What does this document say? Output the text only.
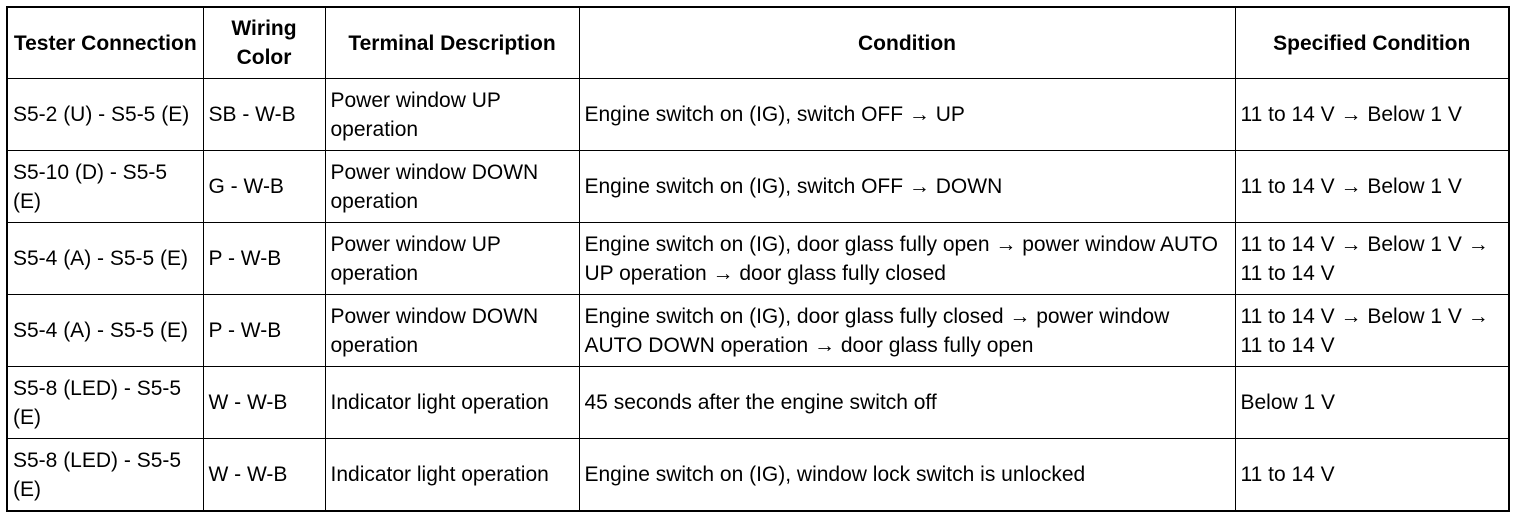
Tester Connection	Wiring Color	Terminal Description	Condition	Specified Condition
S5-2 (U) - S5-5 (E)	SB - W-B	Power window UP operation	Engine switch on (IG), switch OFF → UP	11 to 14 V → Below 1 V
S5-10 (D) - S5-5 (E)	G - W-B	Power window DOWN operation	Engine switch on (IG), switch OFF → DOWN	11 to 14 V → Below 1 V
S5-4 (A) - S5-5 (E)	P - W-B	Power window UP operation	Engine switch on (IG), door glass fully open → power window AUTO UP operation → door glass fully closed	11 to 14 V → Below 1 V → 11 to 14 V
S5-4 (A) - S5-5 (E)	P - W-B	Power window DOWN operation	Engine switch on (IG), door glass fully closed → power window AUTO DOWN operation → door glass fully open	11 to 14 V → Below 1 V → 11 to 14 V
S5-8 (LED) - S5-5 (E)	W - W-B	Indicator light operation	45 seconds after the engine switch off	Below 1 V
S5-8 (LED) - S5-5 (E)	W - W-B	Indicator light operation	Engine switch on (IG), window lock switch is unlocked	11 to 14 V
